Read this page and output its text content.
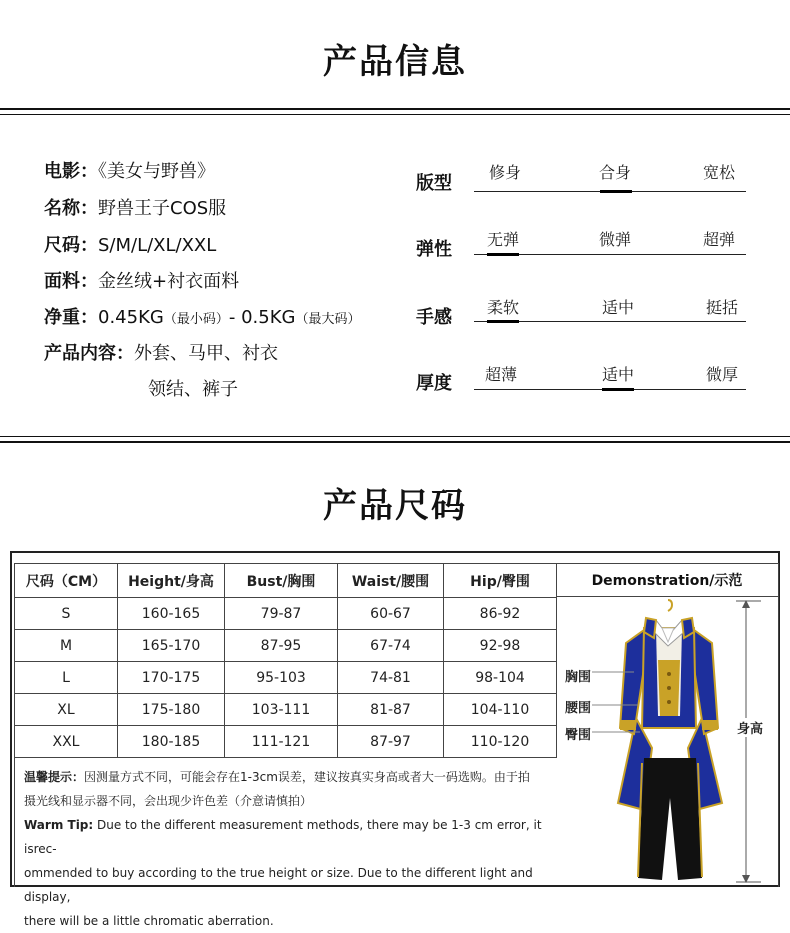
产品信息
电影：《美女与野兽》
名称：野兽王子COS服
尺码：S/M/L/XL/XXL
面料：金丝绒+衬衣面料
净重：0.45KG（最小码）- 0.5KG（最大码）
产品内容：外套、马甲、衬衣
领结、裤子
版型
修身	合身	宽松
弹性	无弹	微弹	超弹
手感	柔软	适中	挺括
厚度	超薄	适中	微厚
产品尺码
尺码（CM）	Height/身高	Bust/胸围	Waist/腰围	Hip/臀围
S	160-165	79-87	60-67	86-92
M	165-170	87-95	67-74	92-98
L	170-175	95-103	74-81	98-104
XL	175-180	103-111	81-87	104-110
XXL	180-185	111-121	87-97	110-120
Demonstration/示范
温馨提示：因测量方式不同，可能会存在1-3cm误差，建议按真实身高或者大一码选购。由于拍
摄光线和显示器不同，会出现少许色差（介意请慎拍）
Warm Tip: Due to the different measurement methods, there may be 1-3 cm error, it isrec-
ommended to buy according to the true height or size. Due to the different light and display,
there will be a little chromatic aberration.
胸围
腰围
臀围	身高
